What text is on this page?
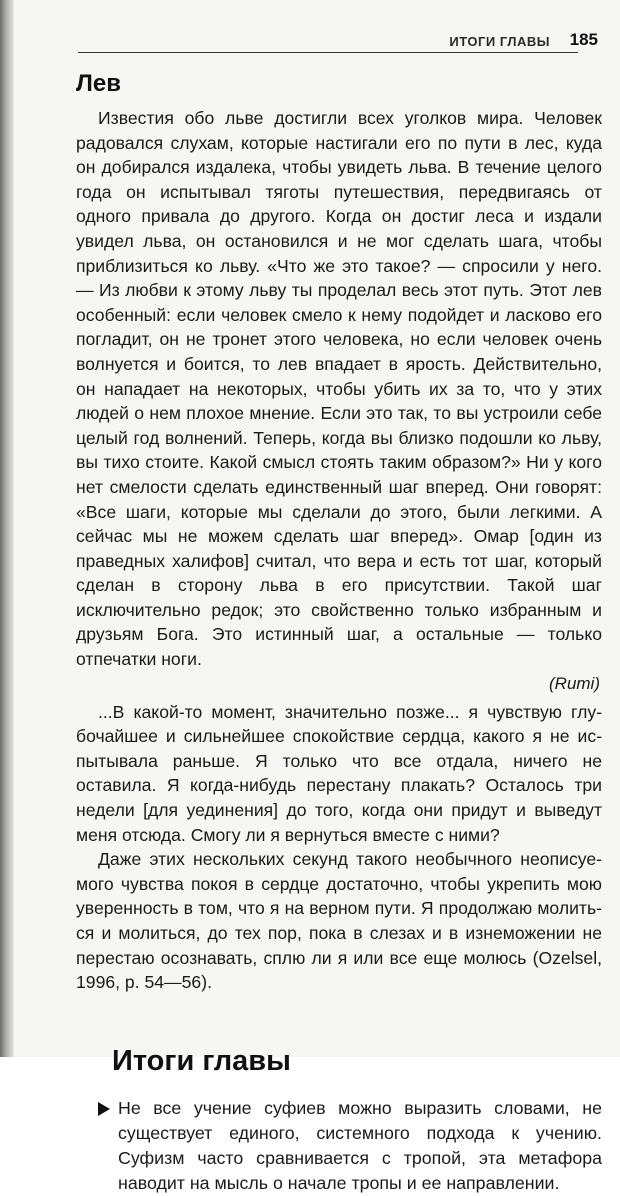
ИТОГИ ГЛАВЫ 185
Лев

Известия обо льве достигли всех уголков мира. Человек радовался слухам, которые настигали его по пути в лес, куда он добирался издалека, чтобы увидеть льва. В течение целого года он испытывал тяготы путешествия, передвигаясь от одного привала до другого. Когда он достиг леса и издали увидел льва, он остановился и не мог сделать шага, чтобы приблизиться ко льву. «Что же это такое? — спросили у него. — Из любви к этому льву ты проделал весь этот путь. Этот лев особенный: если человек смело к нему подойдет и ласково его погладит, он не тронет этого человека, но если человек очень волнуется и боится, то лев впадает в ярость. Действительно, он нападает на некоторых, чтобы убить их за то, что у этих людей о нем плохое мнение. Если это так, то вы устроили себе целый год волнений. Теперь, когда вы близко подошли ко льву, вы тихо стоите. Какой смысл стоять таким образом?» Ни у кого нет смелости сделать единственный шаг вперед. Они говорят: «Все шаги, которые мы сделали до этого, были легкими. А сейчас мы не можем сделать шаг вперед». Омар [один из праведных халифов] считал, что вера и есть тот шаг, который сделан в сторону льва в его присутствии. Такой шаг исключительно редок; это свойственно только избранным и друзьям Бога. Это истинный шаг, а остальные — только отпечатки ноги.

(Rumi)

...В какой-то момент, значительно позже... я чувствую глубочайшее и сильнейшее спокойствие сердца, какого я не испытывала раньше. Я только что все отдала, ничего не оставила. Я когда-нибудь перестану плакать? Осталось три недели [для уединения] до того, когда они придут и выведут меня отсюда. Смогу ли я вернуться вместе с ними?

Даже этих нескольких секунд такого необычного неописуемого чувства покоя в сердце достаточно, чтобы укрепить мою уверенность в том, что я на верном пути. Я продолжаю молиться и молиться, до тех пор, пока в слезах и в изнеможении не перестаю осознавать, сплю ли я или все еще молюсь (Ozelsel, 1996, p. 54—56).

Итоги главы
Не все учение суфиев можно выразить словами, не существует единого, системного подхода к учению. Суфизм часто сравнивается с тропой, эта метафора наводит на мысль о начале тропы и ее направлении.
